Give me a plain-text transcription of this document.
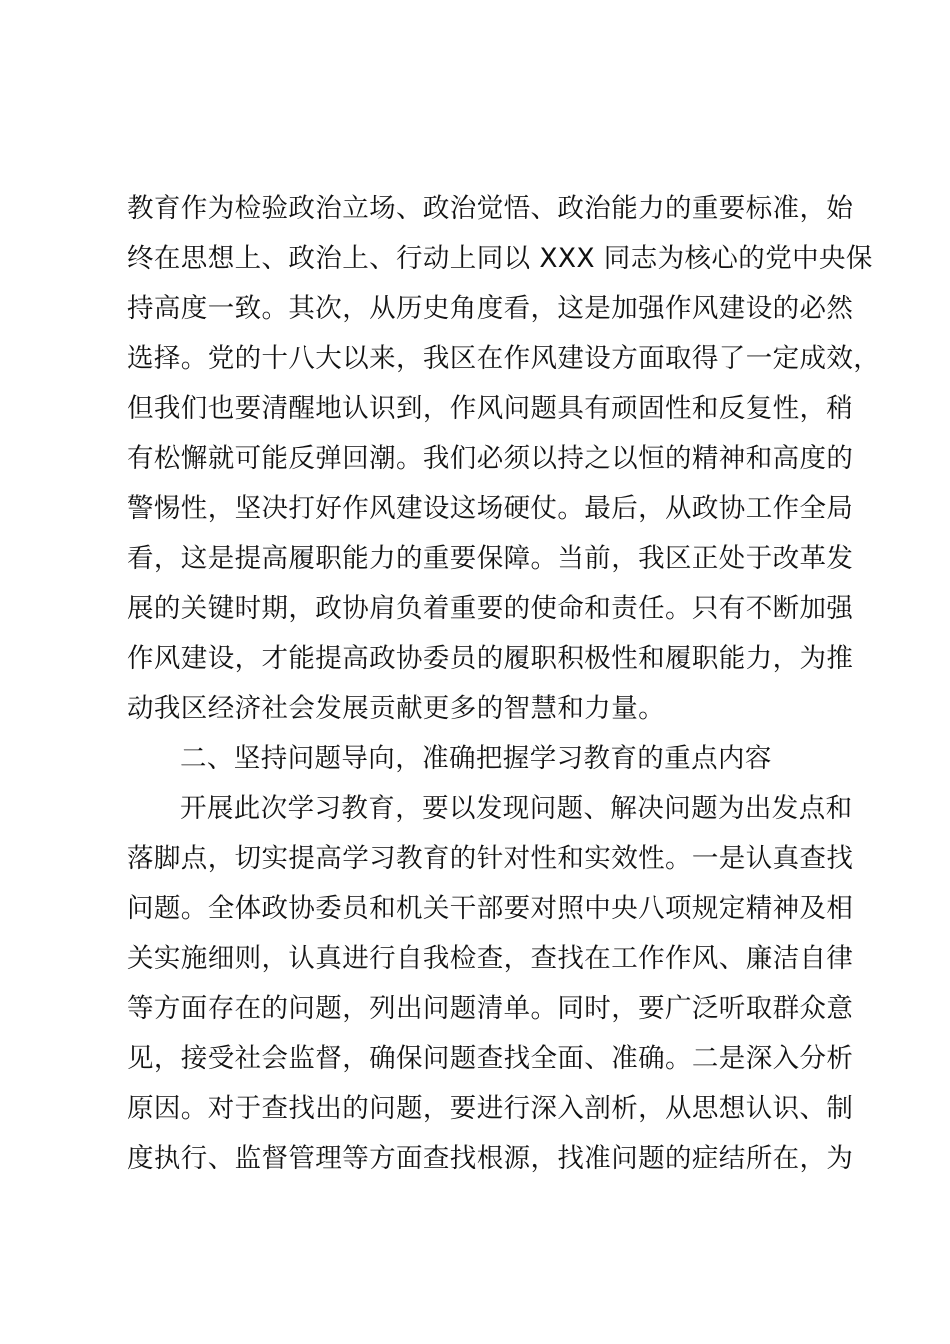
教育作为检验政治立场、政治觉悟、政治能力的重要标准，始
终在思想上、政治上、行动上同以 XXX 同志为核心的党中央保
持高度一致。其次，从历史角度看，这是加强作风建设的必然
选择。党的十八大以来，我区在作风建设方面取得了一定成效，
但我们也要清醒地认识到，作风问题具有顽固性和反复性，稍
有松懈就可能反弹回潮。我们必须以持之以恒的精神和高度的
警惕性，坚决打好作风建设这场硬仗。最后，从政协工作全局
看，这是提高履职能力的重要保障。当前，我区正处于改革发
展的关键时期，政协肩负着重要的使命和责任。只有不断加强
作风建设，才能提高政协委员的履职积极性和履职能力，为推
动我区经济社会发展贡献更多的智慧和力量。
二、坚持问题导向，准确把握学习教育的重点内容
开展此次学习教育，要以发现问题、解决问题为出发点和
落脚点，切实提高学习教育的针对性和实效性。一是认真查找
问题。全体政协委员和机关干部要对照中央八项规定精神及相
关实施细则，认真进行自我检查，查找在工作作风、廉洁自律
等方面存在的问题，列出问题清单。同时，要广泛听取群众意
见，接受社会监督，确保问题查找全面、准确。二是深入分析
原因。对于查找出的问题，要进行深入剖析，从思想认识、制
度执行、监督管理等方面查找根源，找准问题的症结所在，为
